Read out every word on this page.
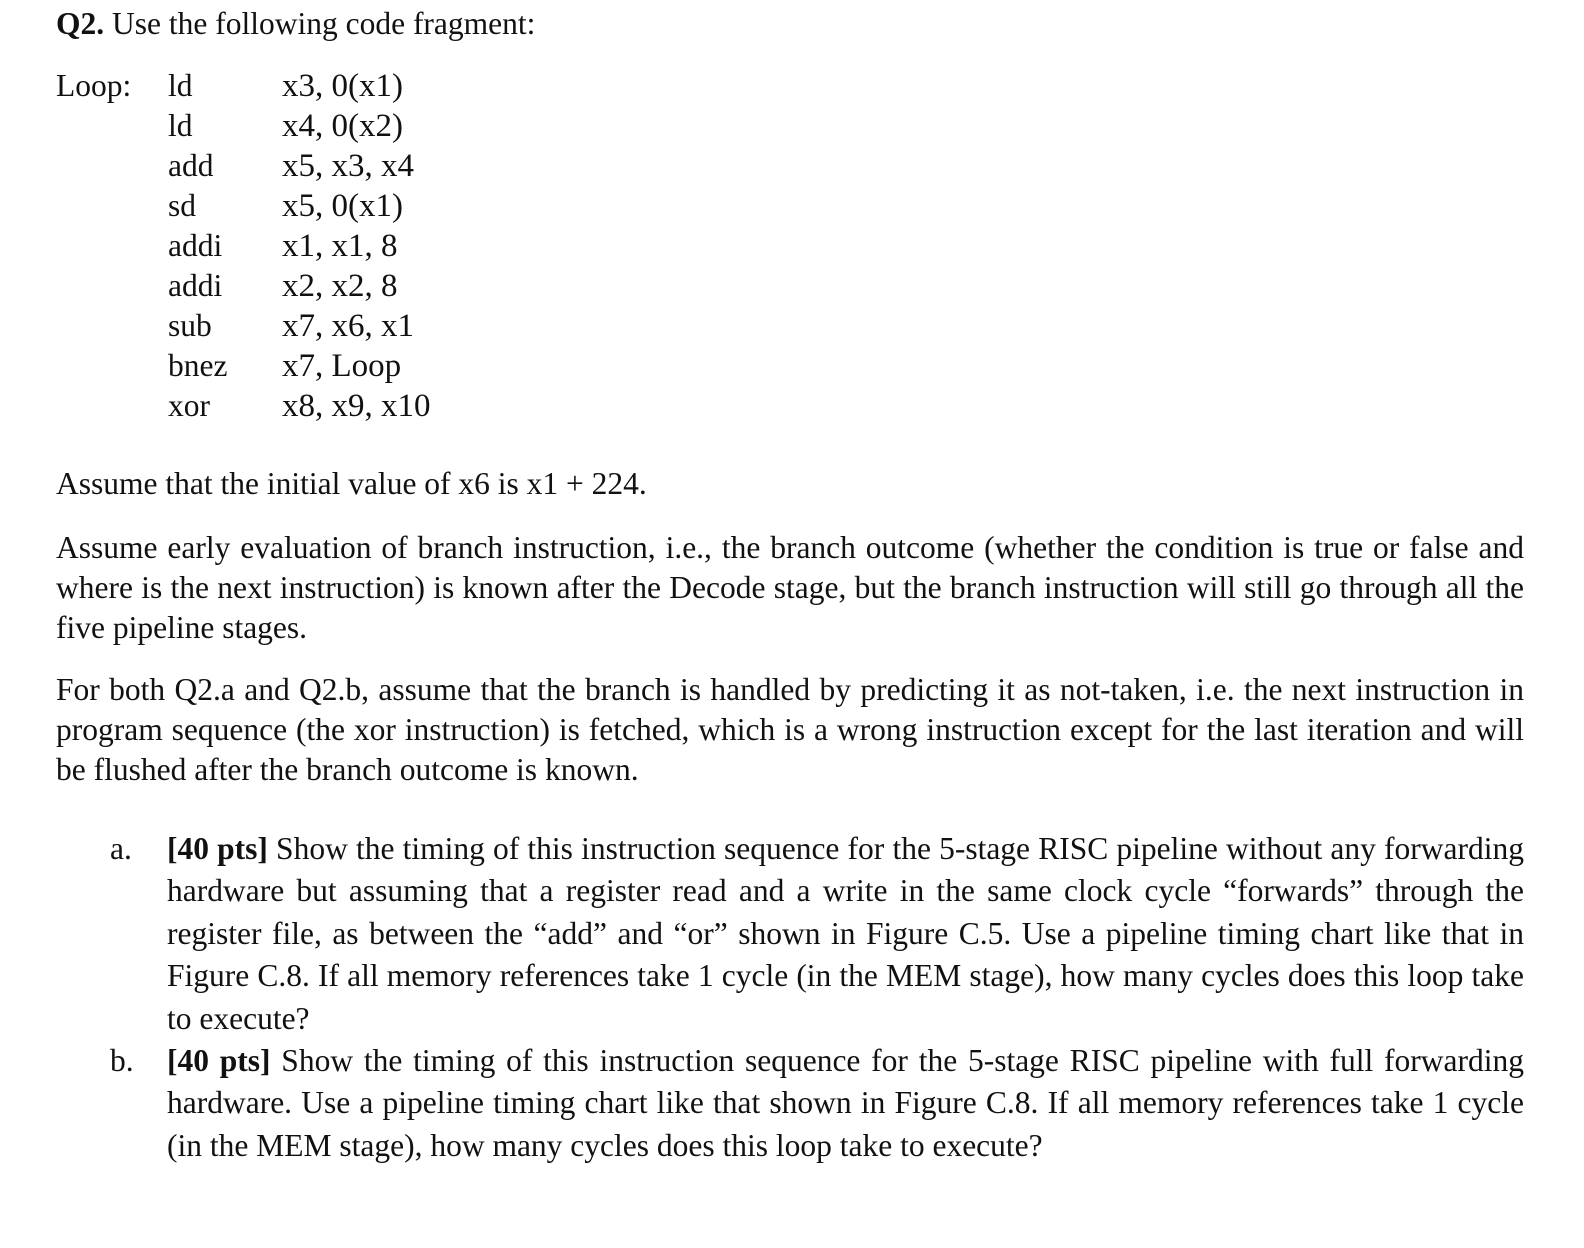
Q2. Use the following code fragment:
Loop: ld	x3, 0(x1)
ld	x4, 0(x2)
add x5, x3, x4
sd	x5, 0(x1)
addi x1, x1, 8
addi x2, x2, 8
sub x7, x6, x1
bnez x7, Loop
xor x8, x9, x10

Assume that the initial value of x6 is x1 + 224.

Assume early evaluation of branch instruction, i.e., the branch outcome (whether the condition is true or false and where is the next instruction) is known after the Decode stage, but the branch instruction will still go through all the five pipeline stages.

For both Q2.a and Q2.b, assume that the branch is handled by predicting it as not-taken, i.e. the next instruction in program sequence (the xor instruction) is fetched, which is a wrong instruction except for the last iteration and will be flushed after the branch outcome is known.

a. [40 pts] Show the timing of this instruction sequence for the 5-stage RISC pipeline without any forwarding hardware but assuming that a register read and a write in the same clock cycle “forwards” through the register file, as between the “add” and “or” shown in Figure C.5. Use a pipeline timing chart like that in Figure C.8. If all memory references take 1 cycle (in the MEM stage), how many cycles does this loop take to execute?
b. [40 pts] Show the timing of this instruction sequence for the 5-stage RISC pipeline with full forwarding hardware. Use a pipeline timing chart like that shown in Figure C.8. If all memory references take 1 cycle (in the MEM stage), how many cycles does this loop take to execute?
